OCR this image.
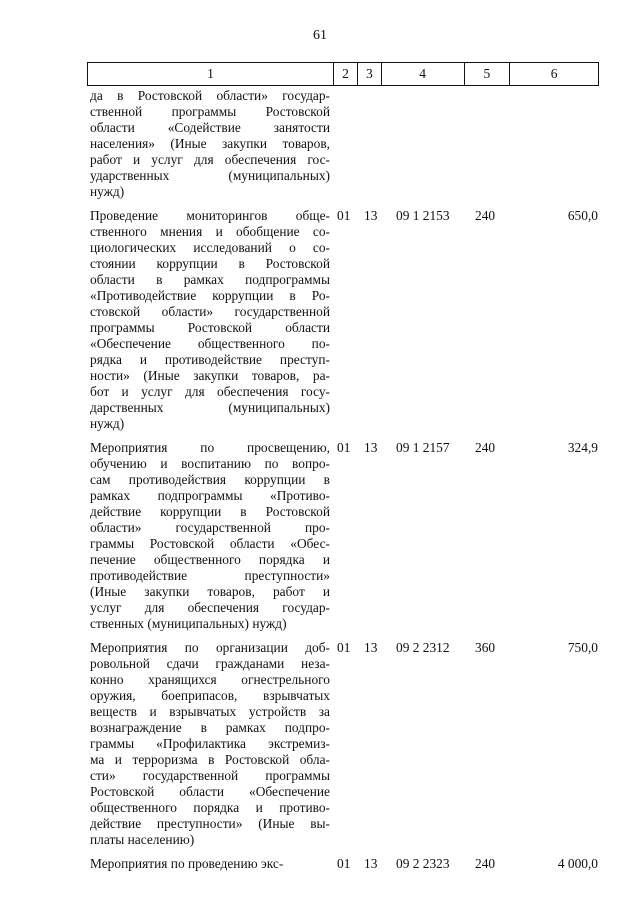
61
1	2	3	4	5	6
да в Ростовской области» государ-
ственной программы Ростовской
области «Содействие занятости
населения» (Иные закупки товаров,
работ и услуг для обеспечения гос-
ударственных (муниципальных)
нужд)
Проведение мониторингов обще-
ственного мнения и обобщение со-
циологических исследований о со-
стоянии коррупции в Ростовской
области в рамках подпрограммы
«Противодействие коррупции в Ро-
стовской области» государственной
программы Ростовской области
«Обеспечение общественного по-
рядка и противодействие преступ-
ности» (Иные закупки товаров, ра-
бот и услуг для обеспечения госу-
дарственных (муниципальных)
нужд)
01	13	09 1 2153	240	650,0
Мероприятия по просвещению,
обучению и воспитанию по вопро-
сам противодействия коррупции в
рамках подпрограммы «Противо-
действие коррупции в Ростовской
области» государственной про-
граммы Ростовской области «Обес-
печение общественного порядка и
противодействие преступности»
(Иные закупки товаров, работ и
услуг для обеспечения государ-
ственных (муниципальных) нужд)
01	13	09 1 2157	240	324,9
Мероприятия по организации доб-
ровольной сдачи гражданами неза-
конно хранящихся огнестрельного
оружия, боеприпасов, взрывчатых
веществ и взрывчатых устройств за
вознаграждение в рамках подпро-
граммы «Профилактика экстремиз-
ма и терроризма в Ростовской обла-
сти» государственной программы
Ростовской области «Обеспечение
общественного порядка и противо-
действие преступности» (Иные вы-
платы населению)
01	13	09 2 2312	360	750,0
Мероприятия по проведению экс-	01	13	09 2 2323	240	4 000,0
